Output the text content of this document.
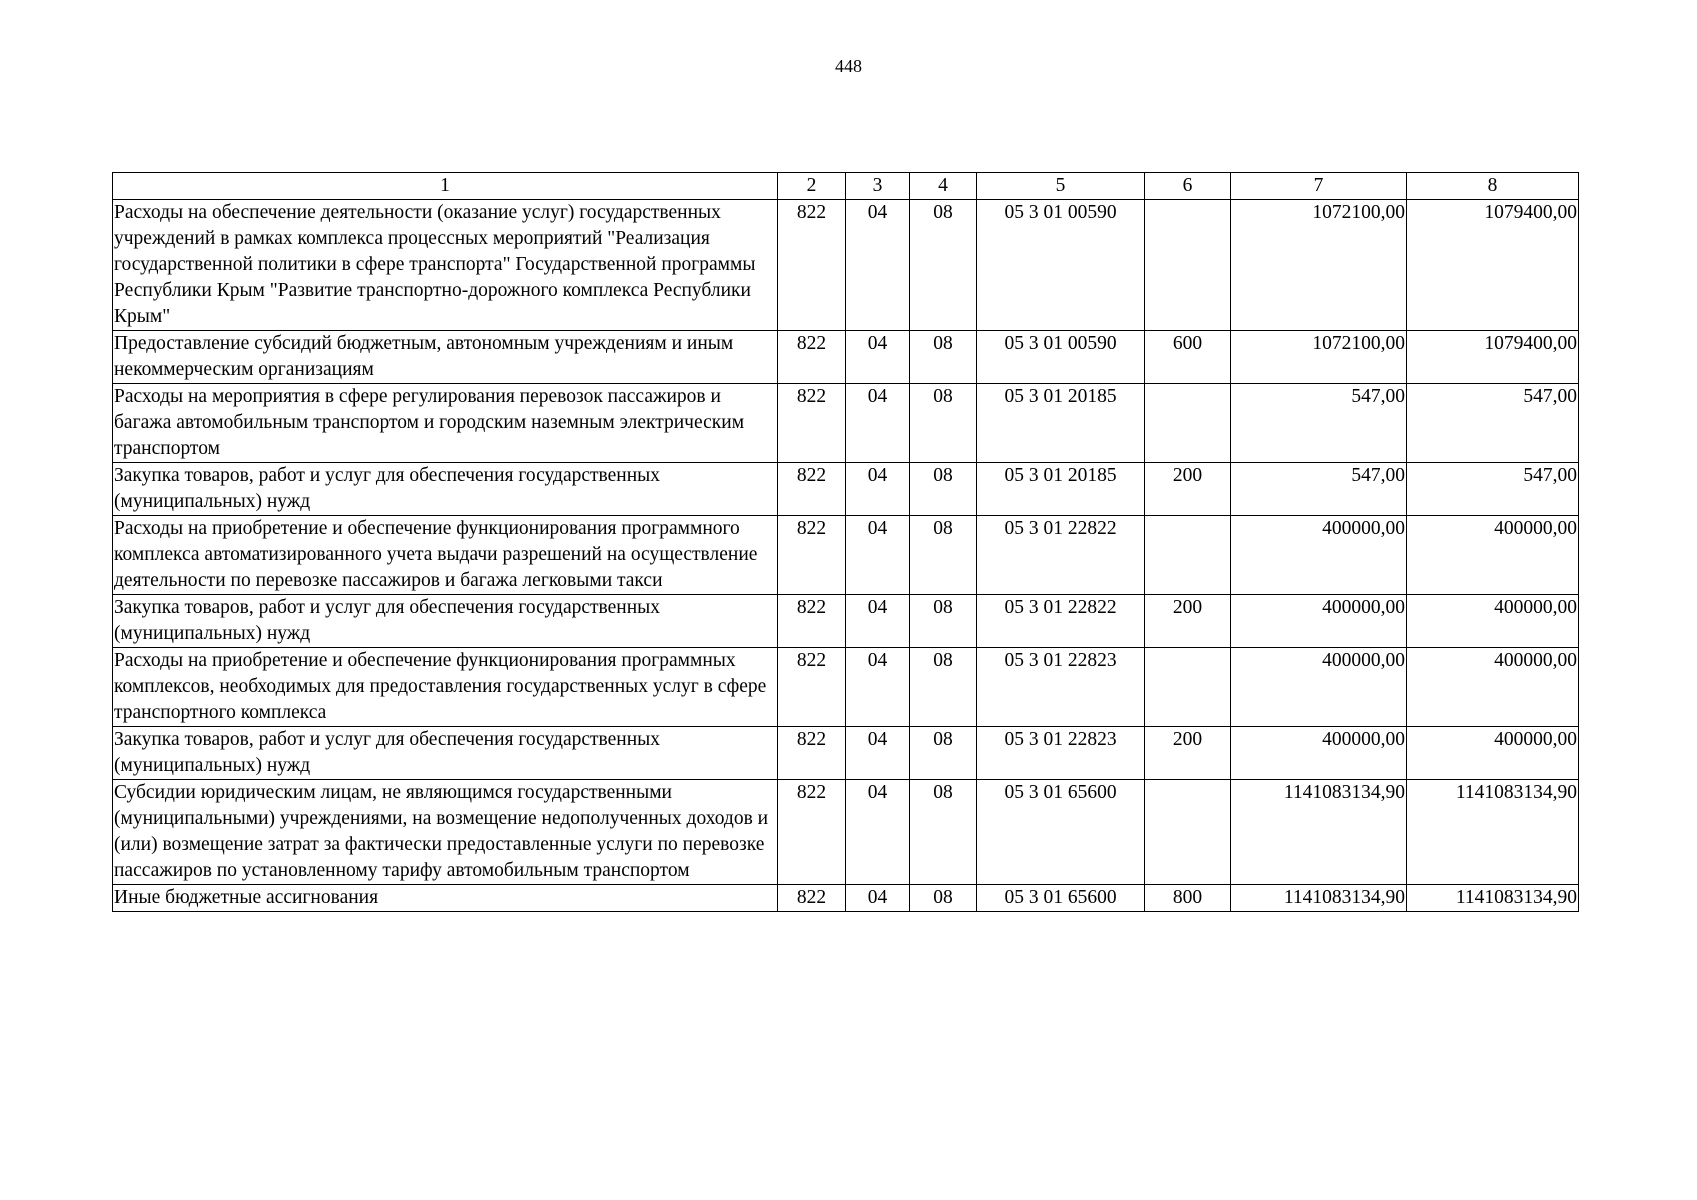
448
1	2	3	4	5	6	7	8
Расходы на обеспечение деятельности (оказание услуг) государственных учреждений в рамках комплекса процессных мероприятий "Реализация государственной политики в сфере транспорта" Государственной программы Республики Крым "Развитие транспортно-дорожного комплекса Республики Крым"	822	04	08	05 3 01 00590		1072100,00	1079400,00
Предоставление субсидий бюджетным, автономным учреждениям и иным некоммерческим организациям	822	04	08	05 3 01 00590	600	1072100,00	1079400,00
Расходы на мероприятия в сфере регулирования перевозок пассажиров и багажа автомобильным транспортом и городским наземным электрическим транспортом	822	04	08	05 3 01 20185		547,00	547,00
Закупка товаров, работ и услуг для обеспечения государственных (муниципальных) нужд	822	04	08	05 3 01 20185	200	547,00	547,00
Расходы на приобретение и обеспечение функционирования программного комплекса автоматизированного учета выдачи разрешений на осуществление деятельности по перевозке пассажиров и багажа легковыми такси	822	04	08	05 3 01 22822		400000,00	400000,00
Закупка товаров, работ и услуг для обеспечения государственных (муниципальных) нужд	822	04	08	05 3 01 22822	200	400000,00	400000,00
Расходы на приобретение и обеспечение функционирования программных комплексов, необходимых для предоставления государственных услуг в сфере транспортного комплекса	822	04	08	05 3 01 22823		400000,00	400000,00
Закупка товаров, работ и услуг для обеспечения государственных (муниципальных) нужд	822	04	08	05 3 01 22823	200	400000,00	400000,00
Субсидии юридическим лицам, не являющимся государственными (муниципальными) учреждениями, на возмещение недополученных доходов и (или) возмещение затрат за фактически предоставленные услуги по перевозке пассажиров по установленному тарифу автомобильным транспортом	822	04	08	05 3 01 65600		1141083134,90	1141083134,90
Иные бюджетные ассигнования	822	04	08	05 3 01 65600	800	1141083134,90	1141083134,90
